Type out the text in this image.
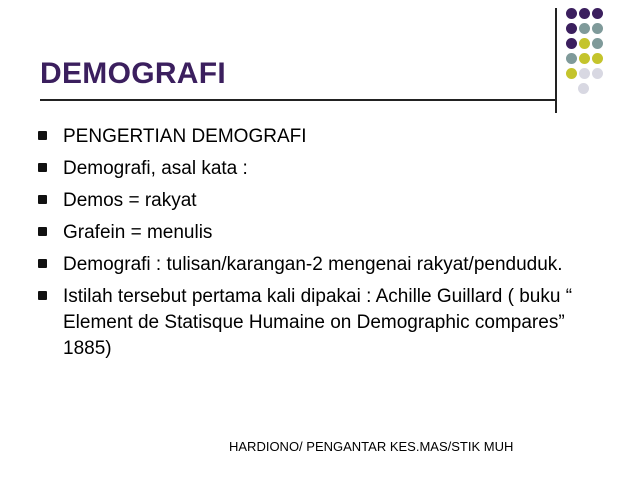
DEMOGRAFI
PENGERTIAN DEMOGRAFI
Demografi, asal kata :
Demos = rakyat
Grafein = menulis
Demografi : tulisan/karangan-2 mengenai rakyat/penduduk.
Istilah tersebut pertama kali dipakai : Achille Guillard ( buku “ Element de Statisque Humaine on Demographic compares” 1885)
HARDIONO/ PENGANTAR KES.MAS/STIK MUH
